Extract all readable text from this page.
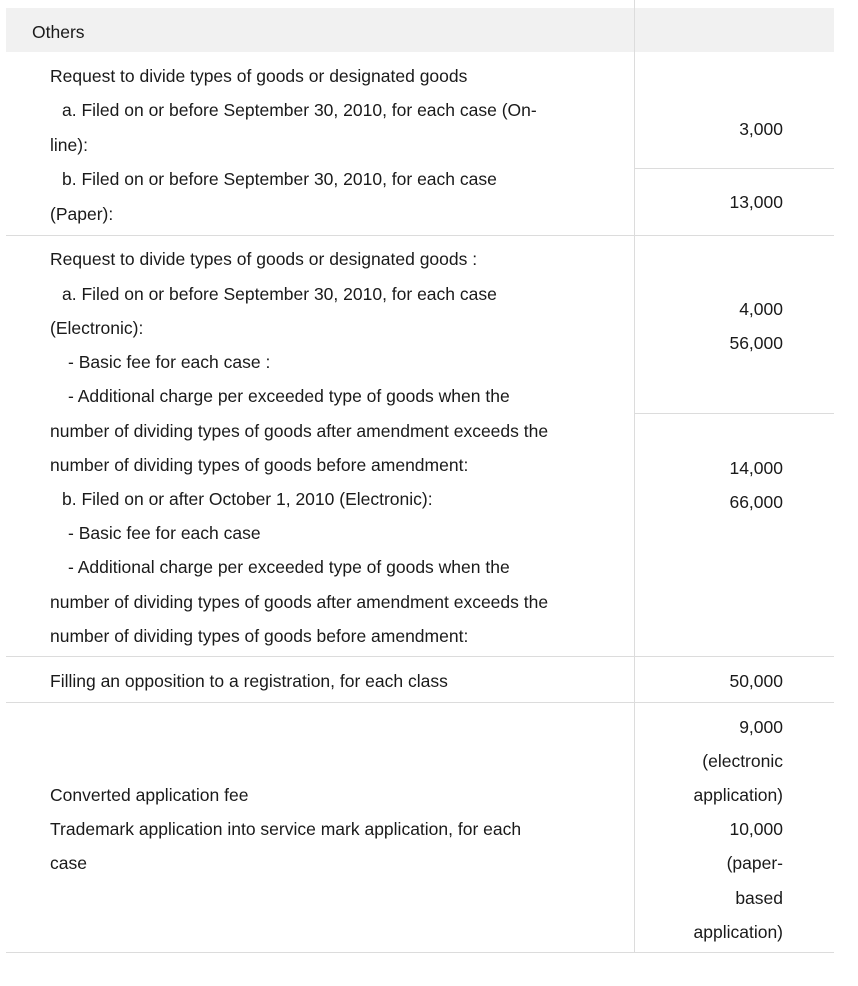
Others
Request to divide types of goods or designated goods
a. Filed on or before September 30, 2010, for each case (On-
line):
b. Filed on or before September 30, 2010, for each case
(Paper):
3,000
13,000
Request to divide types of goods or designated goods :
a. Filed on or before September 30, 2010, for each case
(Electronic):
- Basic fee for each case :
- Additional charge per exceeded type of goods when the
number of dividing types of goods after amendment exceeds the
number of dividing types of goods before amendment:
b. Filed on or after October 1, 2010 (Electronic):
- Basic fee for each case
- Additional charge per exceeded type of goods when the
number of dividing types of goods after amendment exceeds the
number of dividing types of goods before amendment:
4,000
56,000
14,000
66,000
Filling an opposition to a registration, for each class	50,000
Converted application fee
Trademark application into service mark application, for each
case
9,000
(electronic
application)
10,000
(paper-
based
application)
